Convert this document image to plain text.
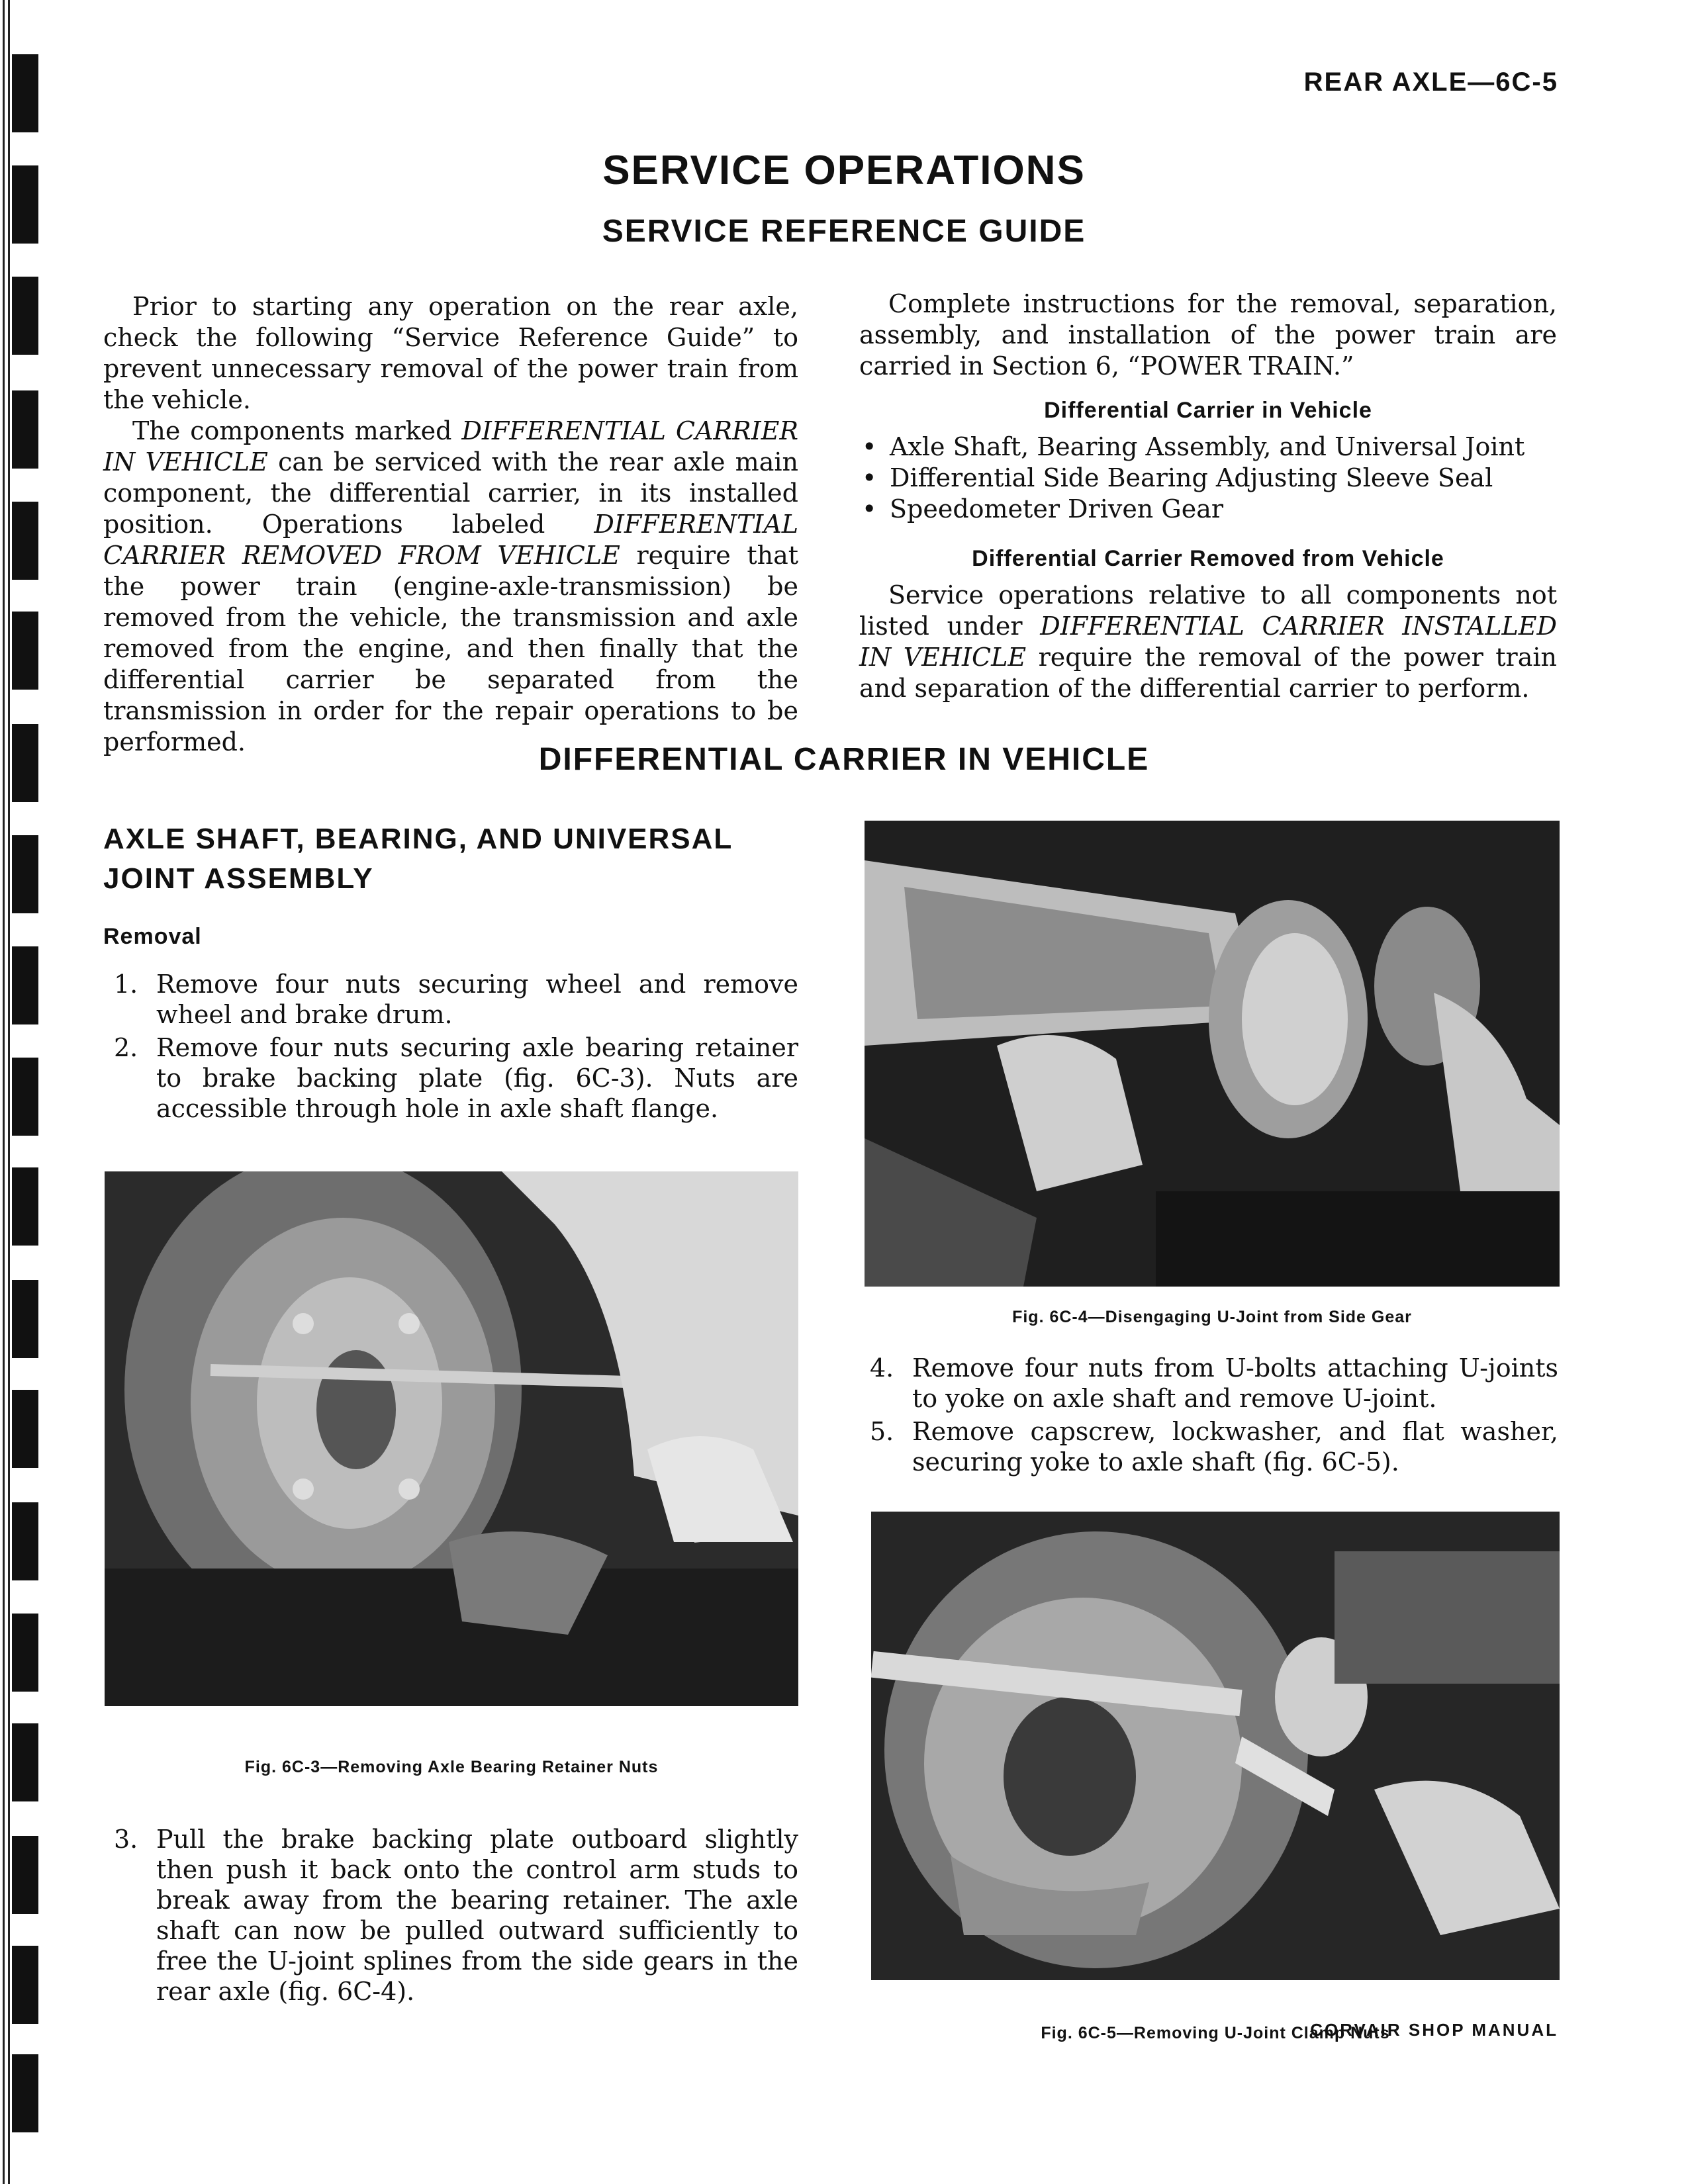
REAR AXLE—6C-5
SERVICE OPERATIONS
SERVICE REFERENCE GUIDE

Prior to starting any operation on the rear axle, check the following “Service Reference Guide” to prevent unnecessary removal of the power train from the vehicle.

The components marked DIFFERENTIAL CARRIER IN VEHICLE can be serviced with the rear axle main component, the differential carrier, in its installed position. Operations labeled DIFFERENTIAL CARRIER REMOVED FROM VEHICLE require that the power train (engine-axle-transmission) be removed from the vehicle, the transmission and axle removed from the engine, and then finally that the differential carrier be separated from the transmission in order for the repair operations to be performed.

Complete instructions for the removal, separation, assembly, and installation of the power train are carried in Section 6, “POWER TRAIN.”

Differential Carrier in Vehicle
• Axle Shaft, Bearing Assembly, and Universal Joint
• Differential Side Bearing Adjusting Sleeve Seal
• Speedometer Driven Gear
Differential Carrier Removed from Vehicle

Service operations relative to all components not listed under DIFFERENTIAL CARRIER INSTALLED IN VEHICLE require the removal of the power train and separation of the differential carrier to perform.

DIFFERENTIAL CARRIER IN VEHICLE
AXLE SHAFT, BEARING, AND UNIVERSAL
JOINT ASSEMBLY
Removal
1. Remove four nuts securing wheel and remove wheel and brake drum.
2. Remove four nuts securing axle bearing retainer to brake backing plate (fig. 6C-3). Nuts are accessible through hole in axle shaft flange.
Fig. 6C-3—Removing Axle Bearing Retainer Nuts
3. Pull the brake backing plate outboard slightly then push it back onto the control arm studs to break away from the bearing retainer. The axle shaft can now be pulled outward sufficiently to free the U-joint splines from the side gears in the rear axle (fig. 6C-4).
Fig. 6C-4—Disengaging U-Joint from Side Gear
4. Remove four nuts from U-bolts attaching U-joints to yoke on axle shaft and remove U-joint.
5. Remove capscrew, lockwasher, and flat washer, securing yoke to axle shaft (fig. 6C-5).
Fig. 6C-5—Removing U-Joint Clamp Nuts
CORVAIR SHOP MANUAL
